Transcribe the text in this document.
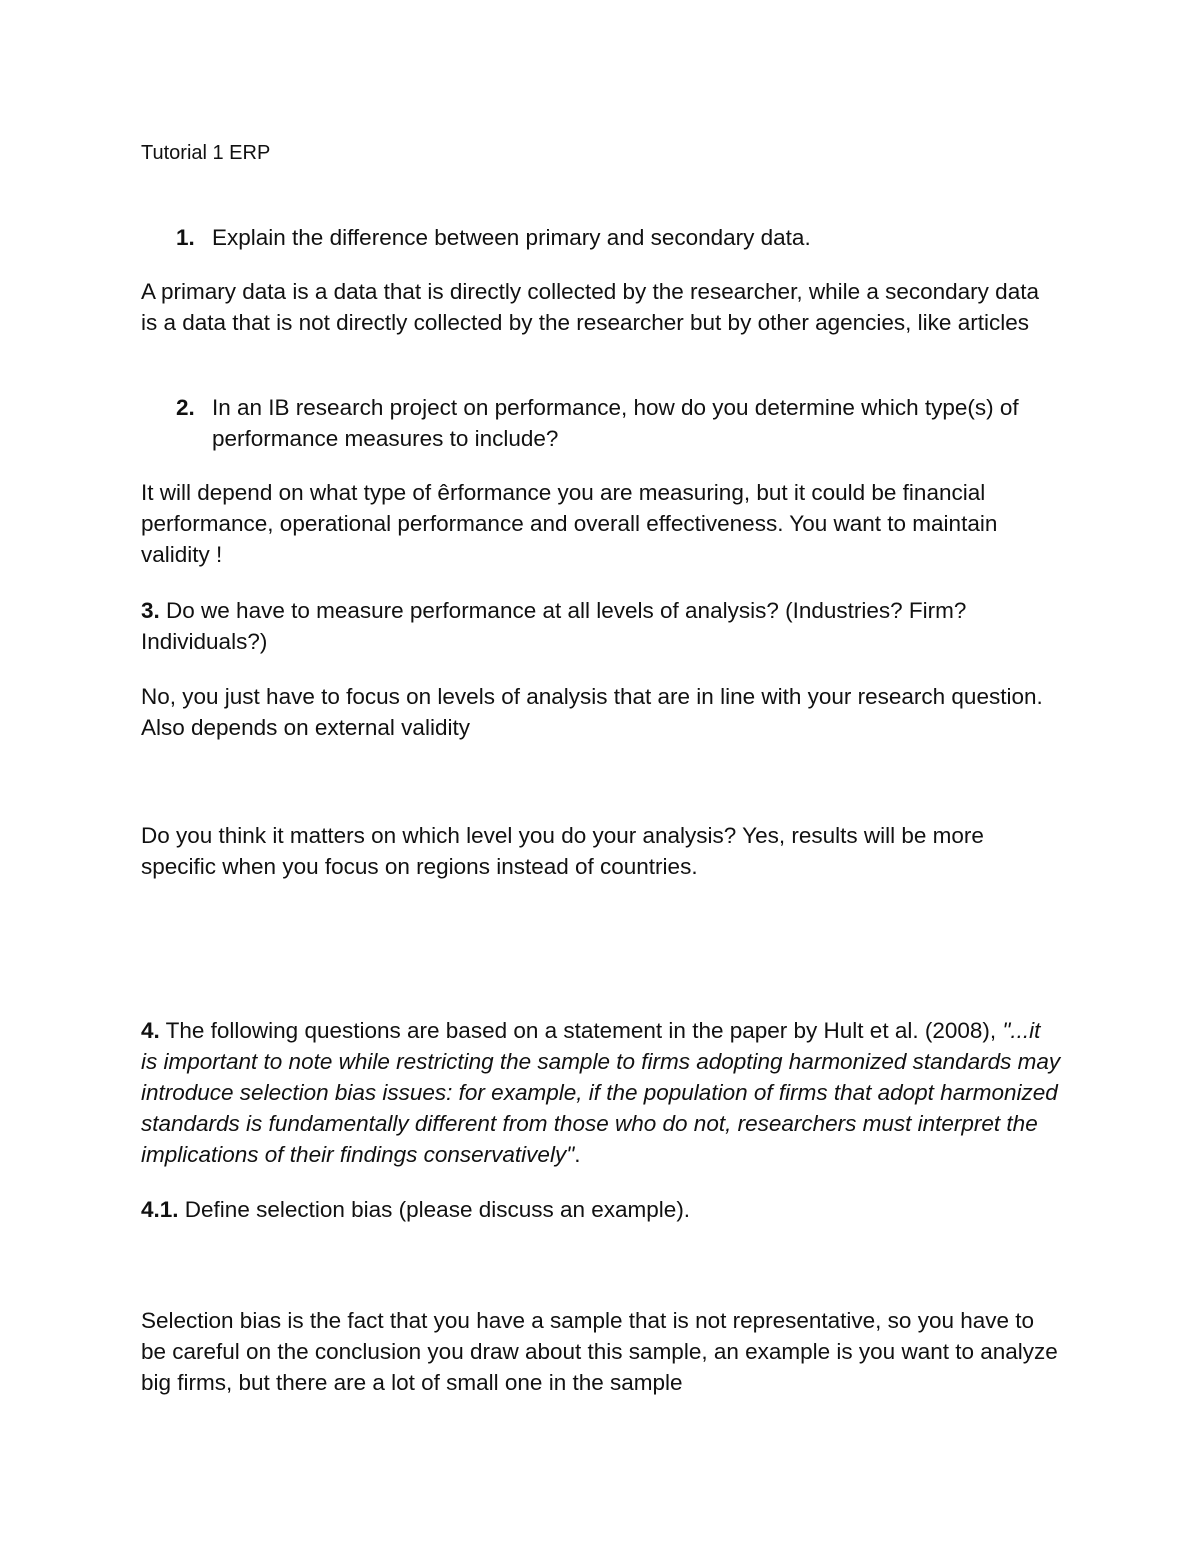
Tutorial 1 ERP
1. Explain the difference between primary and secondary data.
A primary data is a data that is directly collected by the researcher, while a secondary data is a data that is not directly collected by the researcher but by other agencies, like articles
2. In an IB research project on performance, how do you determine which type(s) of performance measures to include?
It will depend on what type of êrformance you are measuring, but it could be financial performance, operational performance and overall effectiveness. You want to maintain validity !
3. Do we have to measure performance at all levels of analysis? (Industries? Firm? Individuals?)
No, you just have to focus on levels of analysis that are in line with your research question. Also depends on external validity
Do you think it matters on which level you do your analysis? Yes, results will be more specific when you focus on regions instead of countries.
4. The following questions are based on a statement in the paper by Hult et al. (2008), "...it is important to note while restricting the sample to firms adopting harmonized standards may introduce selection bias issues: for example, if the population of firms that adopt harmonized standards is fundamentally different from those who do not, researchers must interpret the implications of their findings conservatively".
4.1. Define selection bias (please discuss an example).
Selection bias is the fact that you have a sample that is not representative, so you have to be careful on the conclusion you draw about this sample, an example is you want to analyze big firms, but there are a lot of small one in the sample
